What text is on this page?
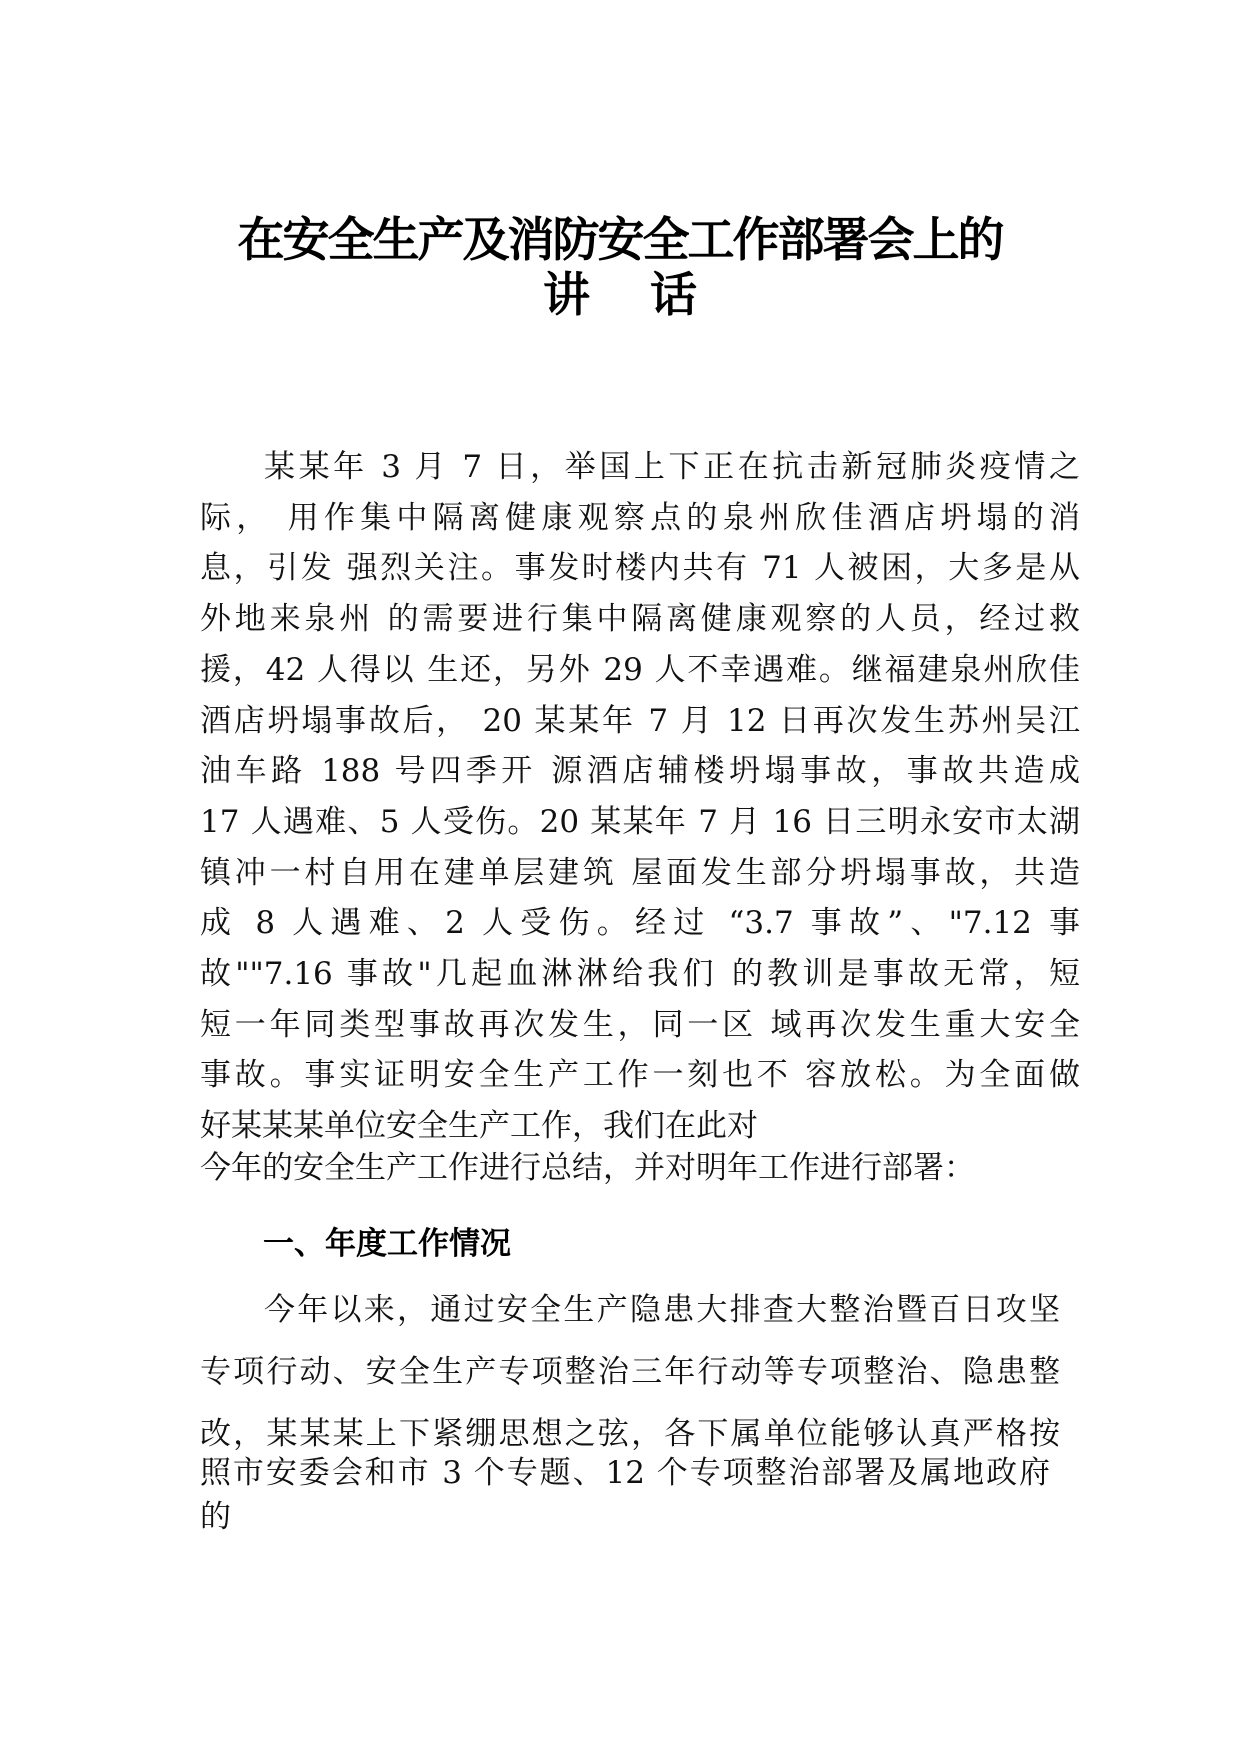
在安全生产及消防安全工作部署会上的
讲话
某某年 3 月 7 日，举国上下正在抗击新冠肺炎疫情之
际， 用作集中隔离健康观察点的泉州欣佳酒店坍塌的消
息，引发 强烈关注。事发时楼内共有 71 人被困，大多是从
外地来泉州 的需要进行集中隔离健康观察的人员，经过救
援，42 人得以 生还，另外 29 人不幸遇难。继福建泉州欣佳
酒店坍塌事故后， 20 某某年 7 月 12 日再次发生苏州吴江
油车路 188 号四季开 源酒店辅楼坍塌事故，事故共造成
17 人遇难、5 人受伤。20 某某年 7 月 16 日三明永安市太湖
镇冲一村自用在建单层建筑 屋面发生部分坍塌事故，共造
成 8 人遇难、2 人受伤。经过 “3.7 事故”、"7.12 事
故""7.16 事故"几起血淋淋给我们 的教训是事故无常，短
短一年同类型事故再次发生，同一区 域再次发生重大安全
事故。事实证明安全生产工作一刻也不 容放松。为全面做
好某某某单位安全生产工作，我们在此对

今年的安全生产工作进行总结，并对明年工作进行部署：

一、年度工作情况
今年以来，通过安全生产隐患大排查大整治暨百日攻坚
专项行动、安全生产专项整治三年行动等专项整治、隐患整
改，某某某上下紧绷思想之弦，各下属单位能够认真严格按
照市安委会和市 3 个专题、12 个专项整治部署及属地政府
的
